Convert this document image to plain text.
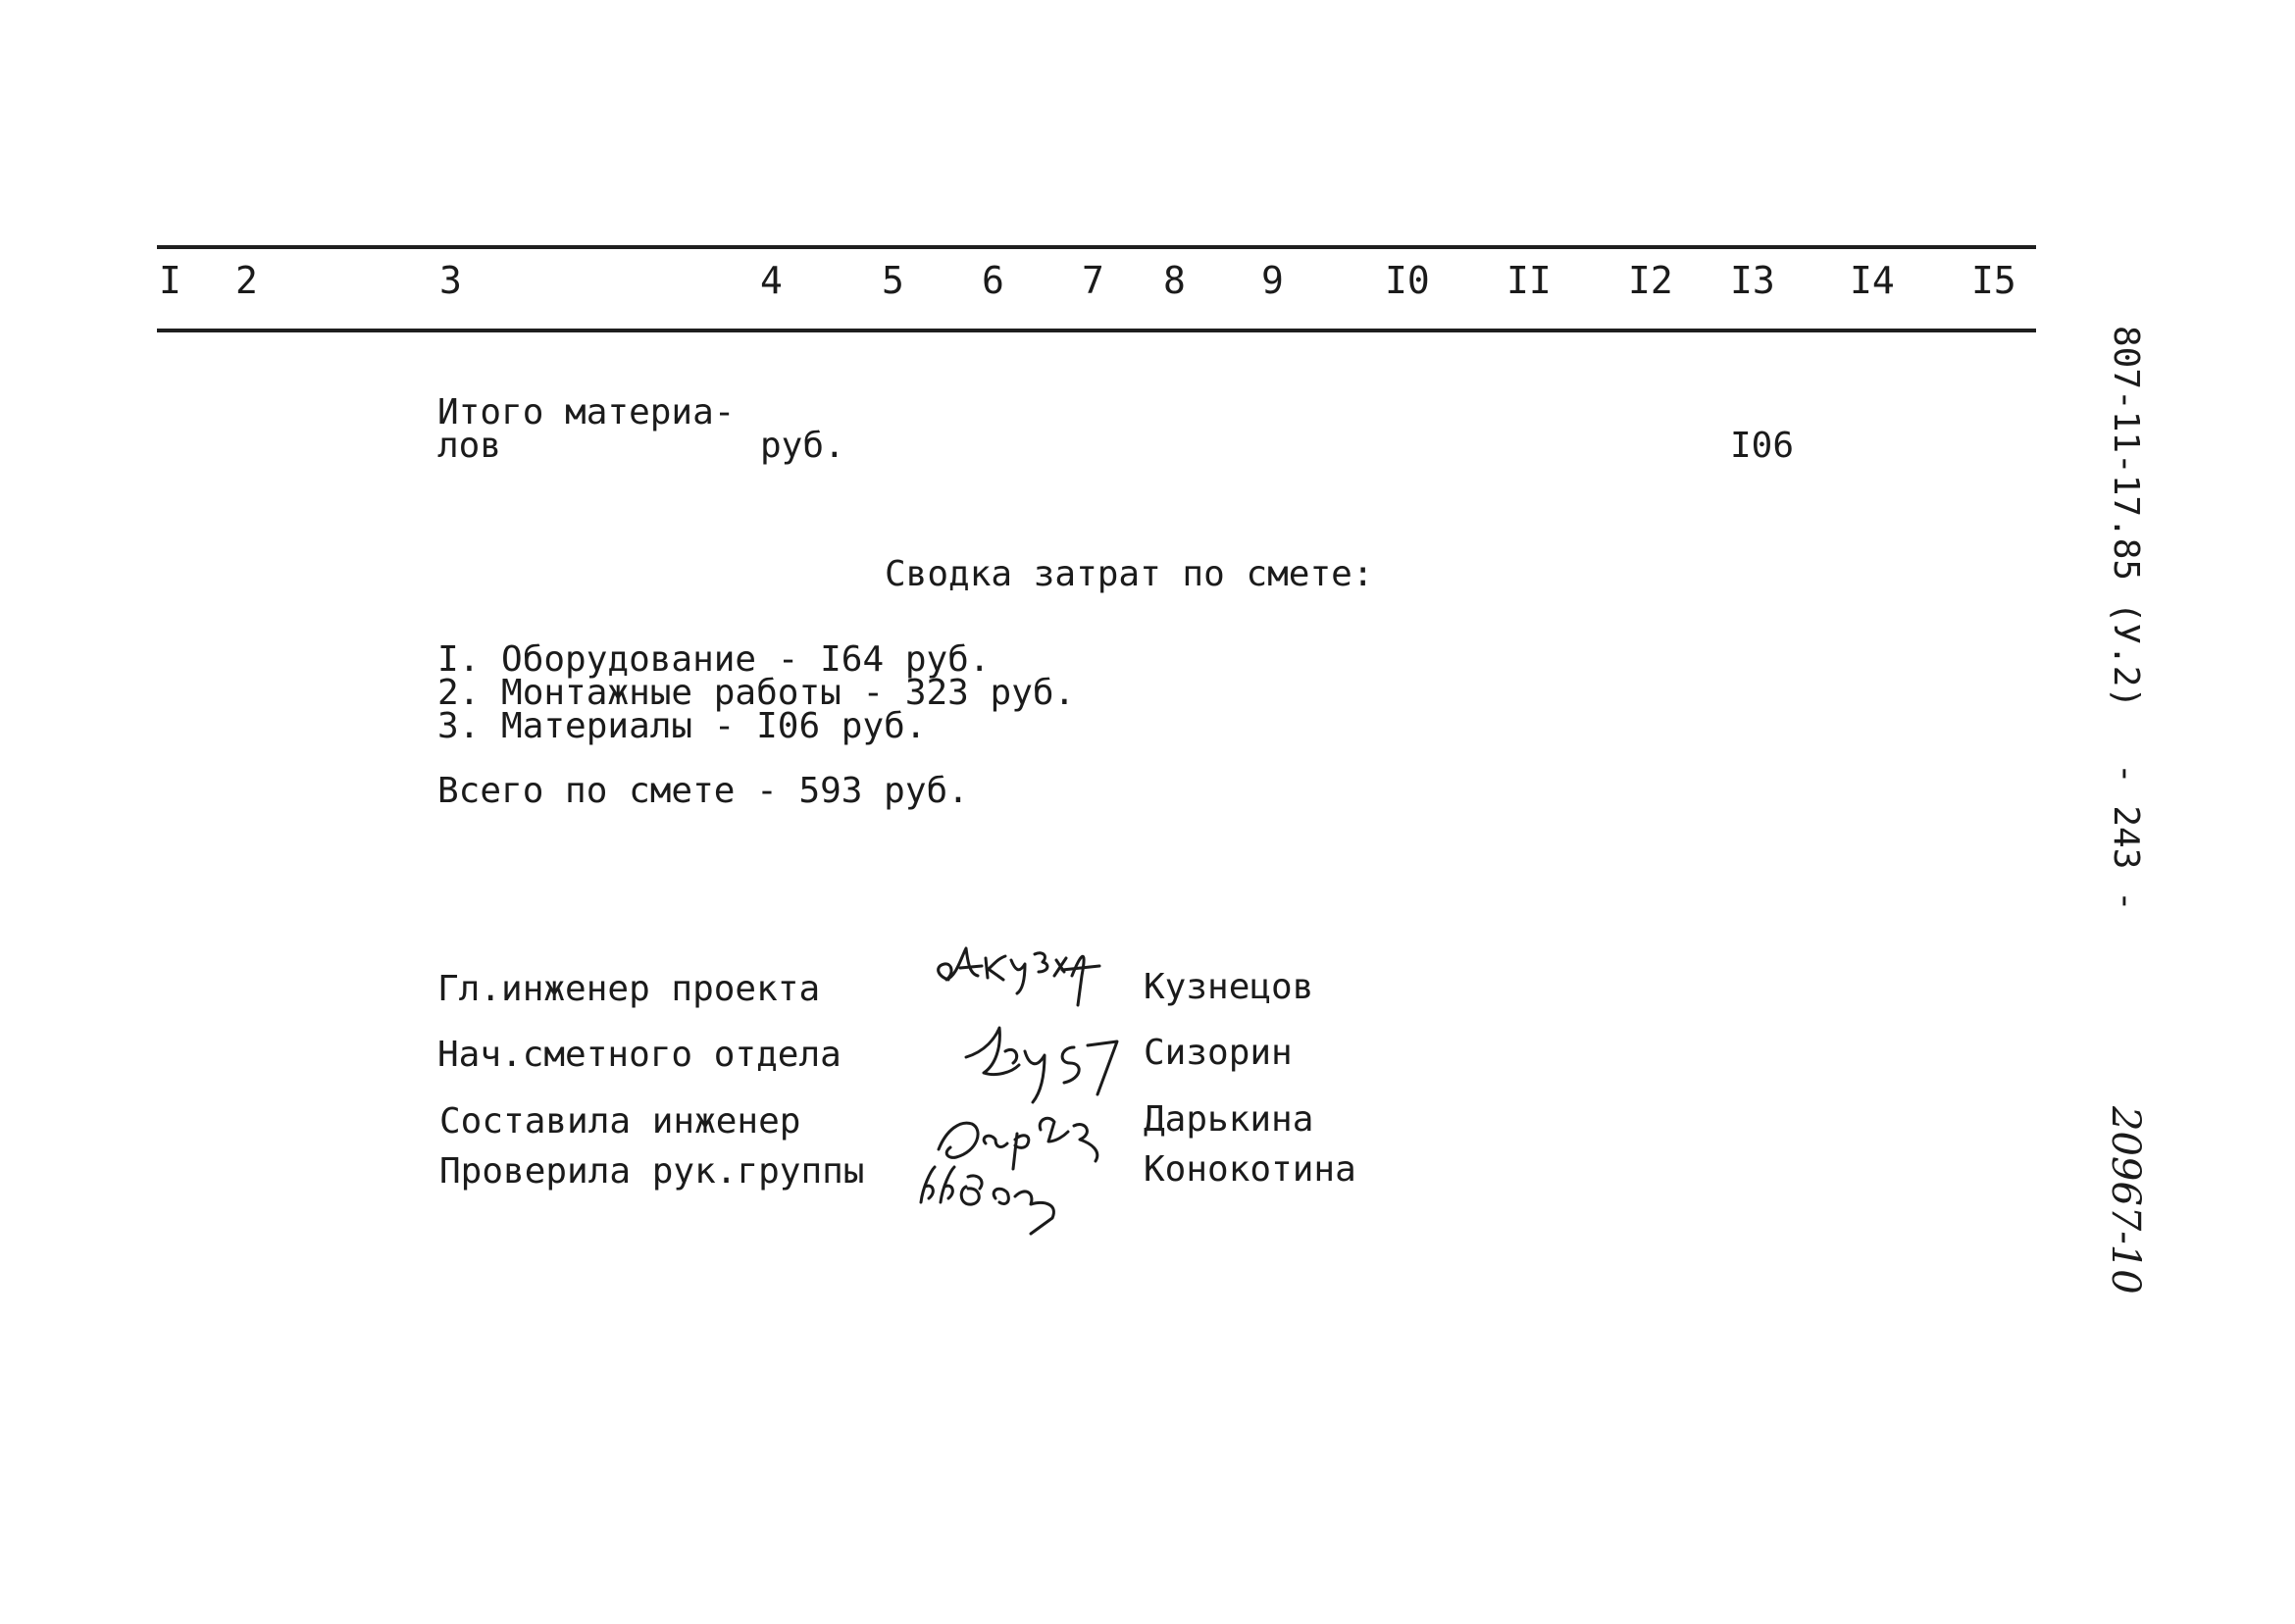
I 2	3	4	5 6 7 8 9	I0 II I2 I3 I4 I5
Итого материа-
лов	руб.	I06
Сводка затрат по смете:
I. Оборудование - I64 руб.
2. Монтажные работы - 323 руб.
3. Материалы - I06 руб.
Всего по смете - 593 руб.
Гл.инженер проекта	Кузнецов
Нач.сметного отдела	Сизорин
Составила инженер	Дарькина
Проверила рук.группы	Конокотина
807-11-17.85 (У.2)
- 243 -
20967-10
